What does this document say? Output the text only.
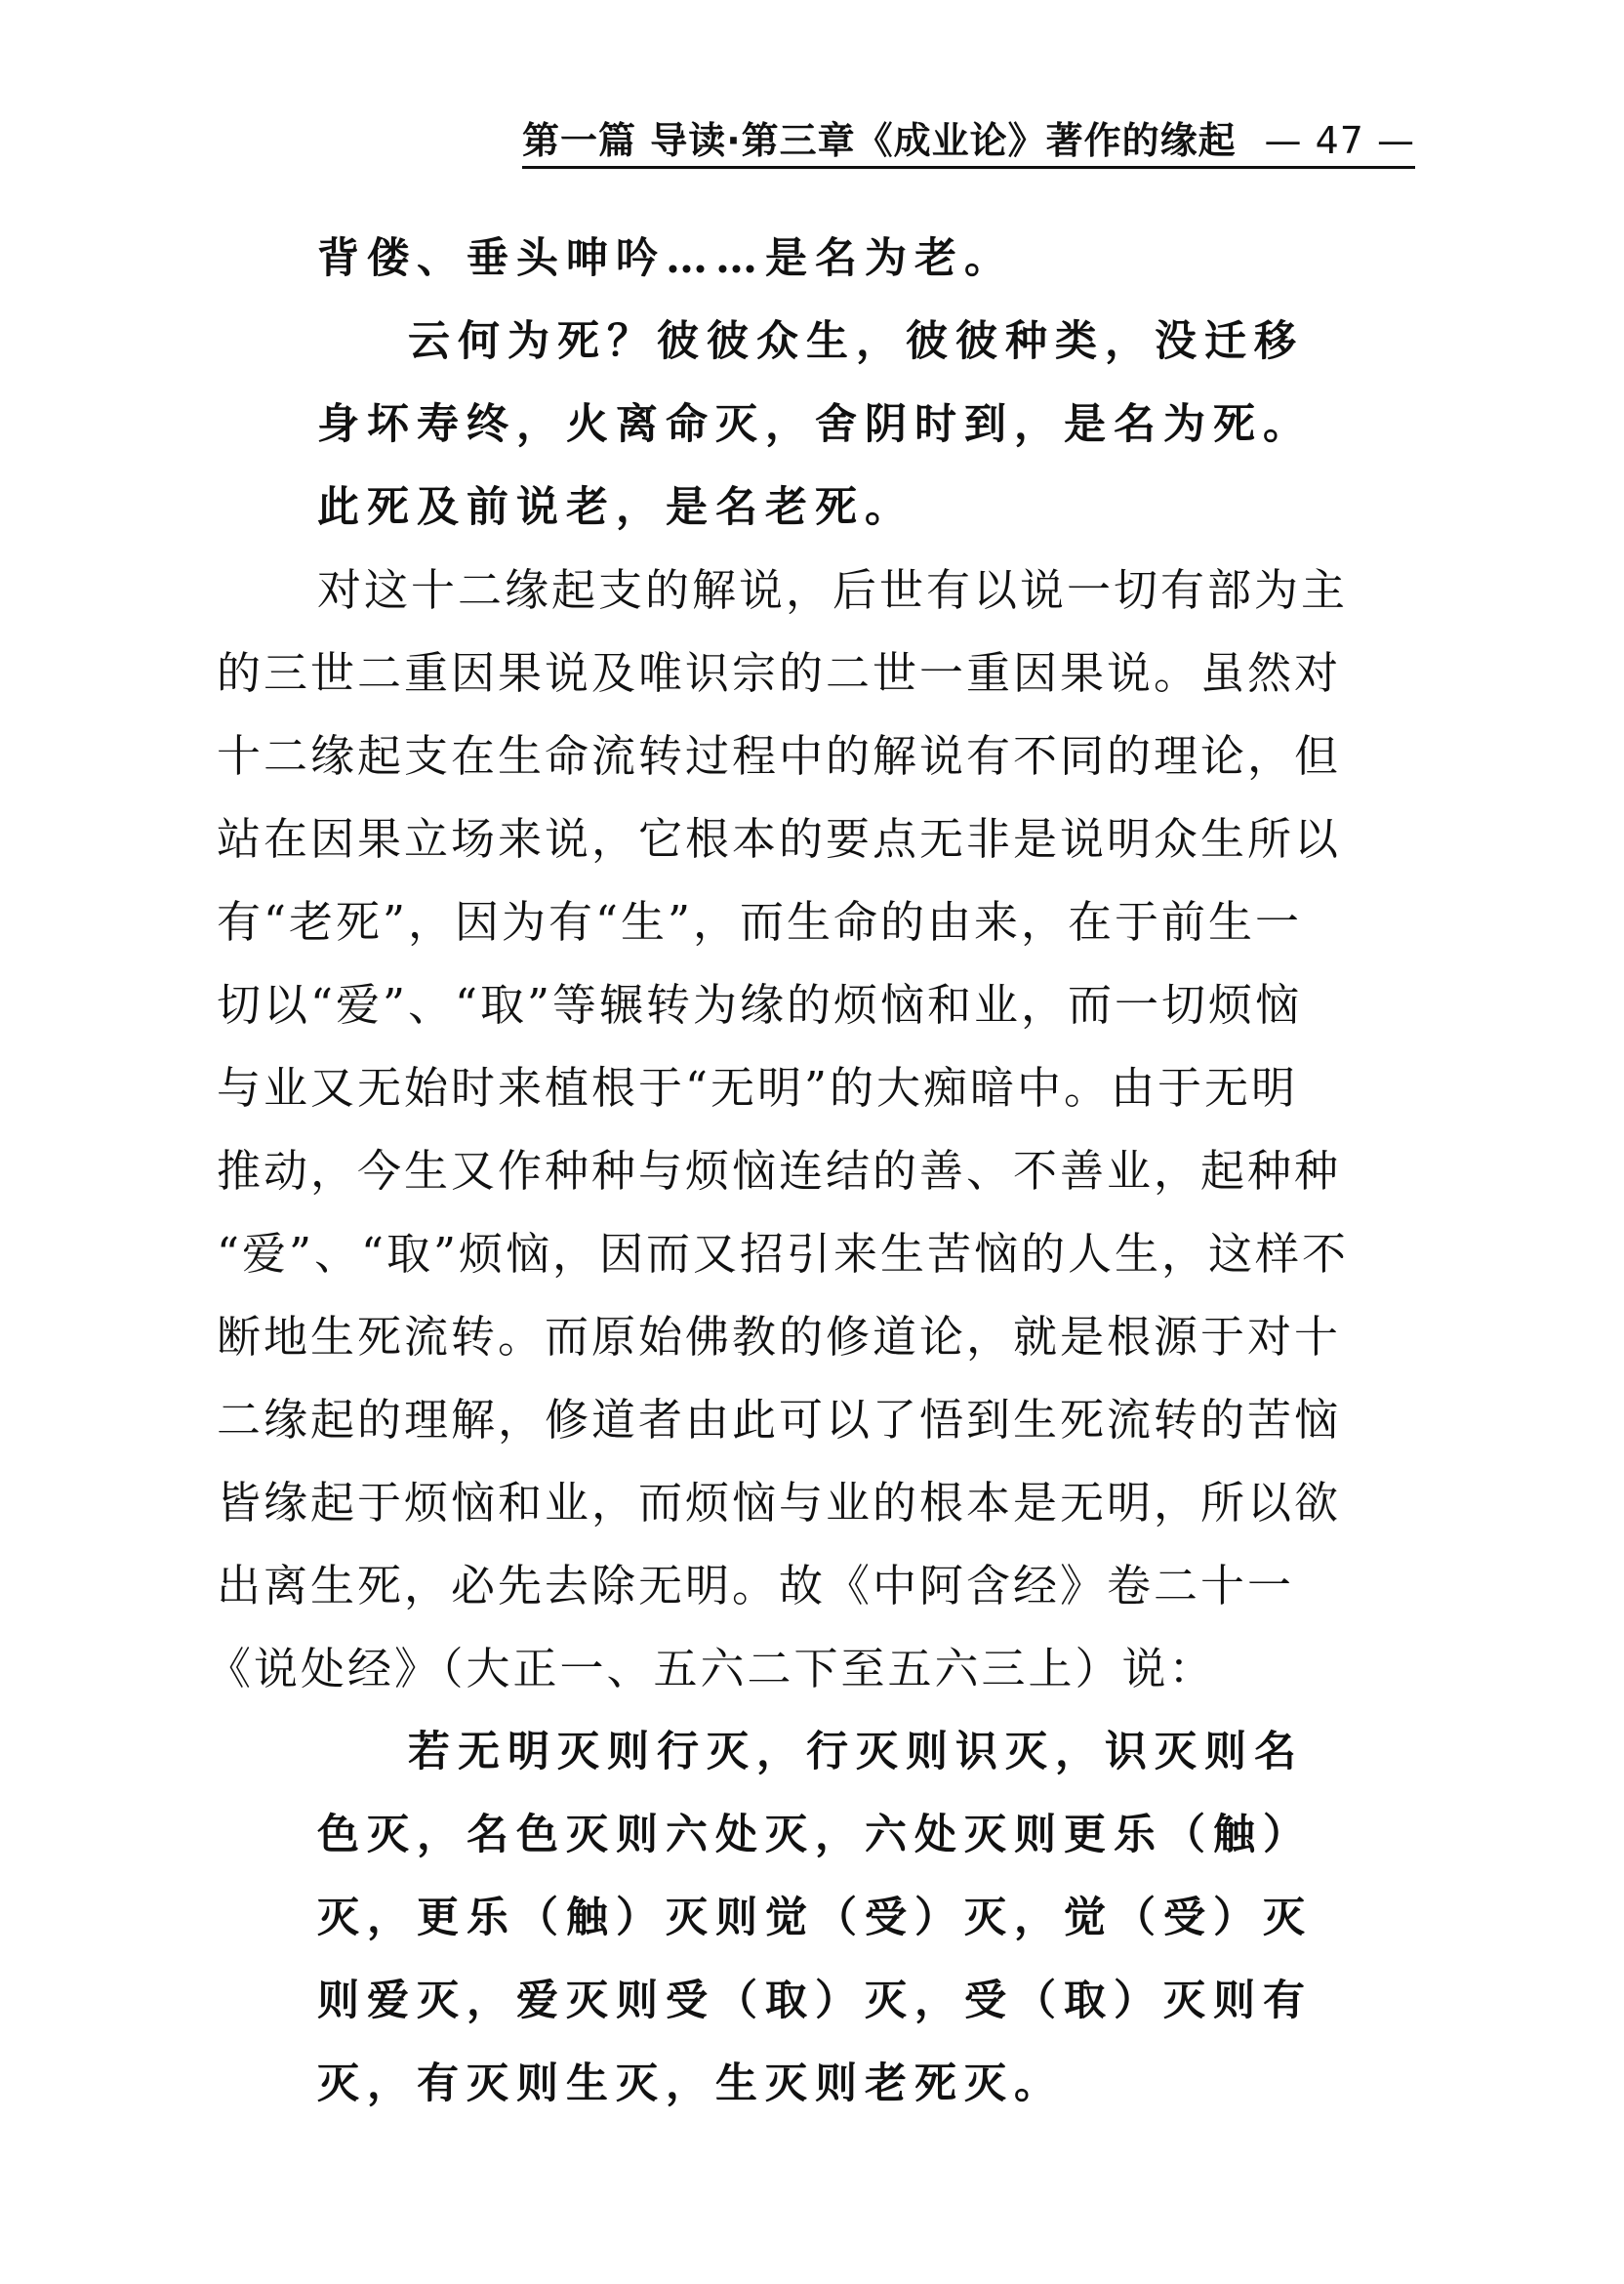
第一篇 导读·第三章《成业论》著作的缘起 — 47 —
背偻、垂头呻吟……是名为老。
云何为死？彼彼众生，彼彼种类，没迁移
身坏寿终，火离命灭，舍阴时到，是名为死。
此死及前说老，是名老死。
对这十二缘起支的解说，后世有以说一切有部为主
的三世二重因果说及唯识宗的二世一重因果说。虽然对
十二缘起支在生命流转过程中的解说有不同的理论，但
站在因果立场来说，它根本的要点无非是说明众生所以
有“老死”，因为有“生”，而生命的由来，在于前生一
切以“爱”、“取”等辗转为缘的烦恼和业，而一切烦恼
与业又无始时来植根于“无明”的大痴暗中。由于无明
推动，今生又作种种与烦恼连结的善、不善业，起种种
“爱”、“取”烦恼，因而又招引来生苦恼的人生，这样不
断地生死流转。而原始佛教的修道论，就是根源于对十
二缘起的理解，修道者由此可以了悟到生死流转的苦恼
皆缘起于烦恼和业，而烦恼与业的根本是无明，所以欲
出离生死，必先去除无明。故《中阿含经》卷二十一
《说处经》（大正一、五六二下至五六三上）说：
若无明灭则行灭，行灭则识灭，识灭则名
色灭，名色灭则六处灭，六处灭则更乐（触）
灭，更乐（触）灭则觉（受）灭，觉（受）灭
则爱灭，爱灭则受（取）灭，受（取）灭则有
灭，有灭则生灭，生灭则老死灭。
